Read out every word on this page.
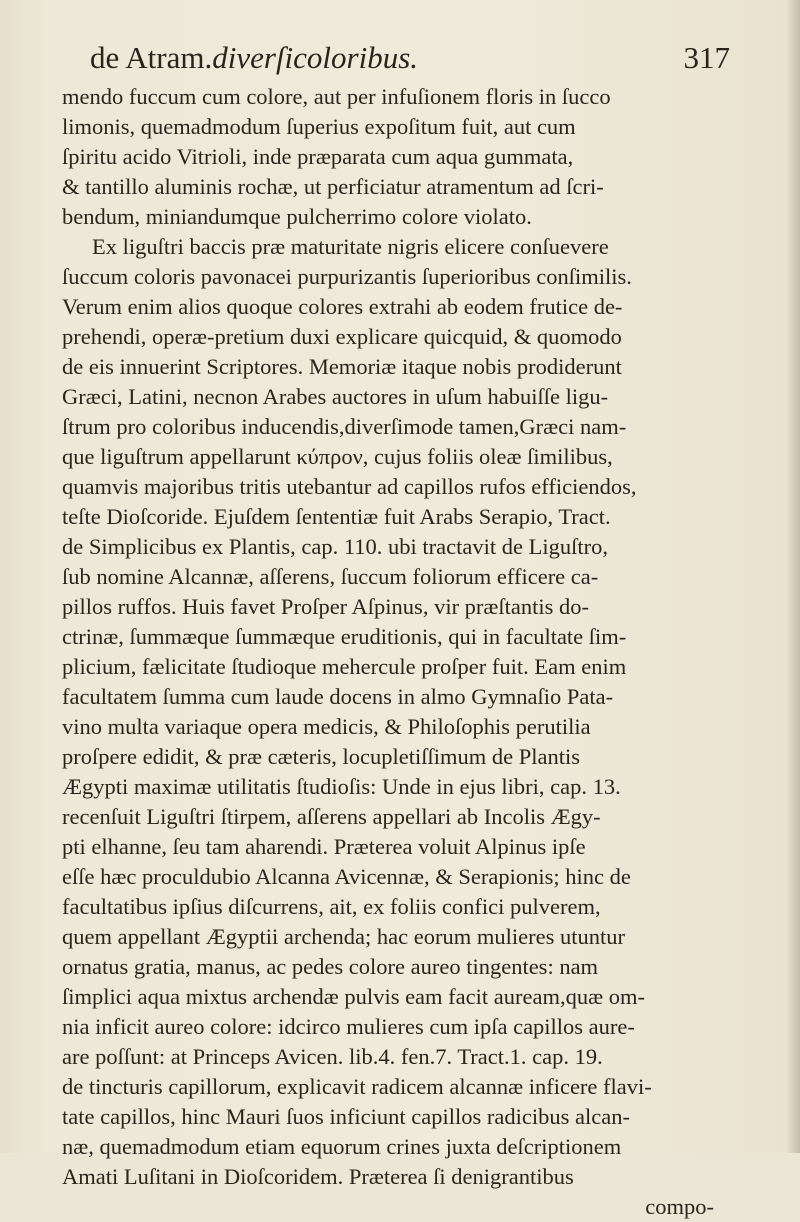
de Atram.diverſicoloribus.	317
mendo fuccum cum colore, aut per infuſionem floris in ſucco
limonis, quemadmodum ſuperius expoſitum fuit, aut cum
ſpiritu acido Vitrioli, inde præparata cum aqua gummata,
& tantillo aluminis rochæ, ut perficiatur atramentum ad ſcri-
bendum, miniandumque pulcherrimo colore violato.
Ex liguſtri baccis præ maturitate nigris elicere conſuevere
ſuccum coloris pavonacei purpurizantis ſuperioribus conſimilis.
Verum enim alios quoque colores extrahi ab eodem frutice de-
prehendi, operæ-pretium duxi explicare quicquid, & quomodo
de eis innuerint Scriptores. Memoriæ itaque nobis prodiderunt
Græci, Latini, necnon Arabes auctores in uſum habuiſſe ligu-
ſtrum pro coloribus inducendis,diverſimode tamen,Græci nam-
que liguſtrum appellarunt κύπρον, cujus foliis oleæ ſimilibus,
quamvis majoribus tritis utebantur ad capillos rufos efficiendos,
teſte Dioſcoride. Ejuſdem ſententiæ fuit Arabs Serapio, Tract.
de Simplicibus ex Plantis, cap. 110. ubi tractavit de Liguſtro,
ſub nomine Alcannæ, aſſerens, ſuccum foliorum efficere ca-
pillos ruffos. Huis favet Proſper Aſpinus, vir præſtantis do-
ctrinæ, ſummæque ſummæque eruditionis, qui in facultate ſim-
plicium, fælicitate ſtudioque mehercule proſper fuit. Eam enim
facultatem ſumma cum laude docens in almo Gymnaſio Pata-
vino multa variaque opera medicis, & Philoſophis perutilia
proſpere edidit, & præ cæteris, locupletiſſimum de Plantis
Ægypti maximæ utilitatis ſtudioſis: Unde in ejus libri, cap. 13.
recenſuit Liguſtri ſtirpem, aſſerens appellari ab Incolis Ægy-
pti elhanne, ſeu tam aharendi. Præterea voluit Alpinus ipſe
eſſe hæc proculdubio Alcanna Avicennæ, & Serapionis; hinc de
facultatibus ipſius diſcurrens, ait, ex foliis confici pulverem,
quem appellant Ægyptii archenda; hac eorum mulieres utuntur
ornatus gratia, manus, ac pedes colore aureo tingentes: nam
ſimplici aqua mixtus archendæ pulvis eam facit auream,quæ om-
nia inficit aureo colore: idcirco mulieres cum ipſa capillos aure-
are poſſunt: at Princeps Avicen. lib.4. fen.7. Tract.1. cap. 19.
de tincturis capillorum, explicavit radicem alcannæ inficere flavi-
tate capillos, hinc Mauri ſuos inficiunt capillos radicibus alcan-
næ, quemadmodum etiam equorum crines juxta deſcriptionem
Amati Luſitani in Dioſcoridem. Præterea ſi denigrantibus
compo-
